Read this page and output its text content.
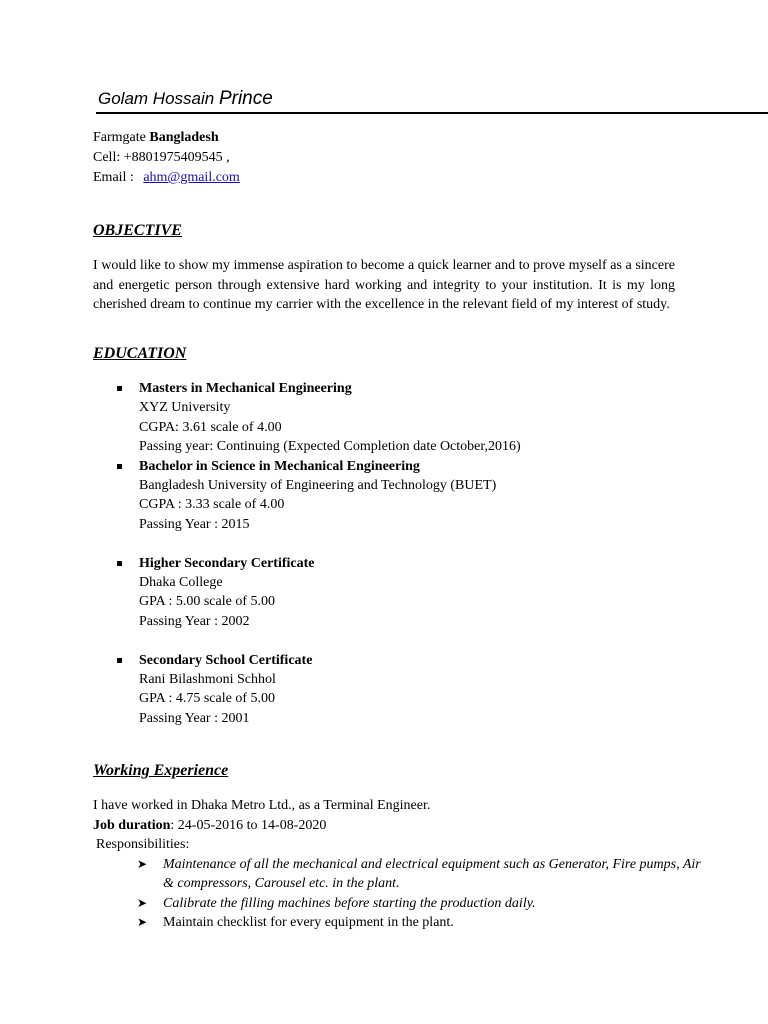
Golam Hossain Prince
Farmgate Bangladesh
Cell: +8801975409545 ,
Email : ahm@gmail.com
OBJECTIVE
I would like to show my immense aspiration to become a quick learner and to prove myself as a sincere and energetic person through extensive hard working and integrity to your institution. It is my long cherished dream to continue my carrier with the excellence in the relevant field of my interest of study.
EDUCATION
Masters in Mechanical Engineering
XYZ University
CGPA: 3.61 scale of 4.00
Passing year: Continuing (Expected Completion date October,2016)
Bachelor in Science in Mechanical Engineering
Bangladesh University of Engineering and Technology (BUET)
CGPA : 3.33 scale of 4.00
Passing Year : 2015
Higher Secondary Certificate
Dhaka College
GPA : 5.00 scale of 5.00
Passing Year : 2002
Secondary School Certificate
Rani Bilashmoni Schhol
GPA : 4.75 scale of 5.00
Passing Year : 2001
Working Experience
I have worked in Dhaka Metro Ltd., as a Terminal Engineer.
Job duration: 24-05-2016 to 14-08-2020
Responsibilities:
➤ Maintenance of all the mechanical and electrical equipment such as Generator, Fire pumps, Air & compressors, Carousel etc. in the plant.
➤ Calibrate the filling machines before starting the production daily.
➤ Maintain checklist for every equipment in the plant.
